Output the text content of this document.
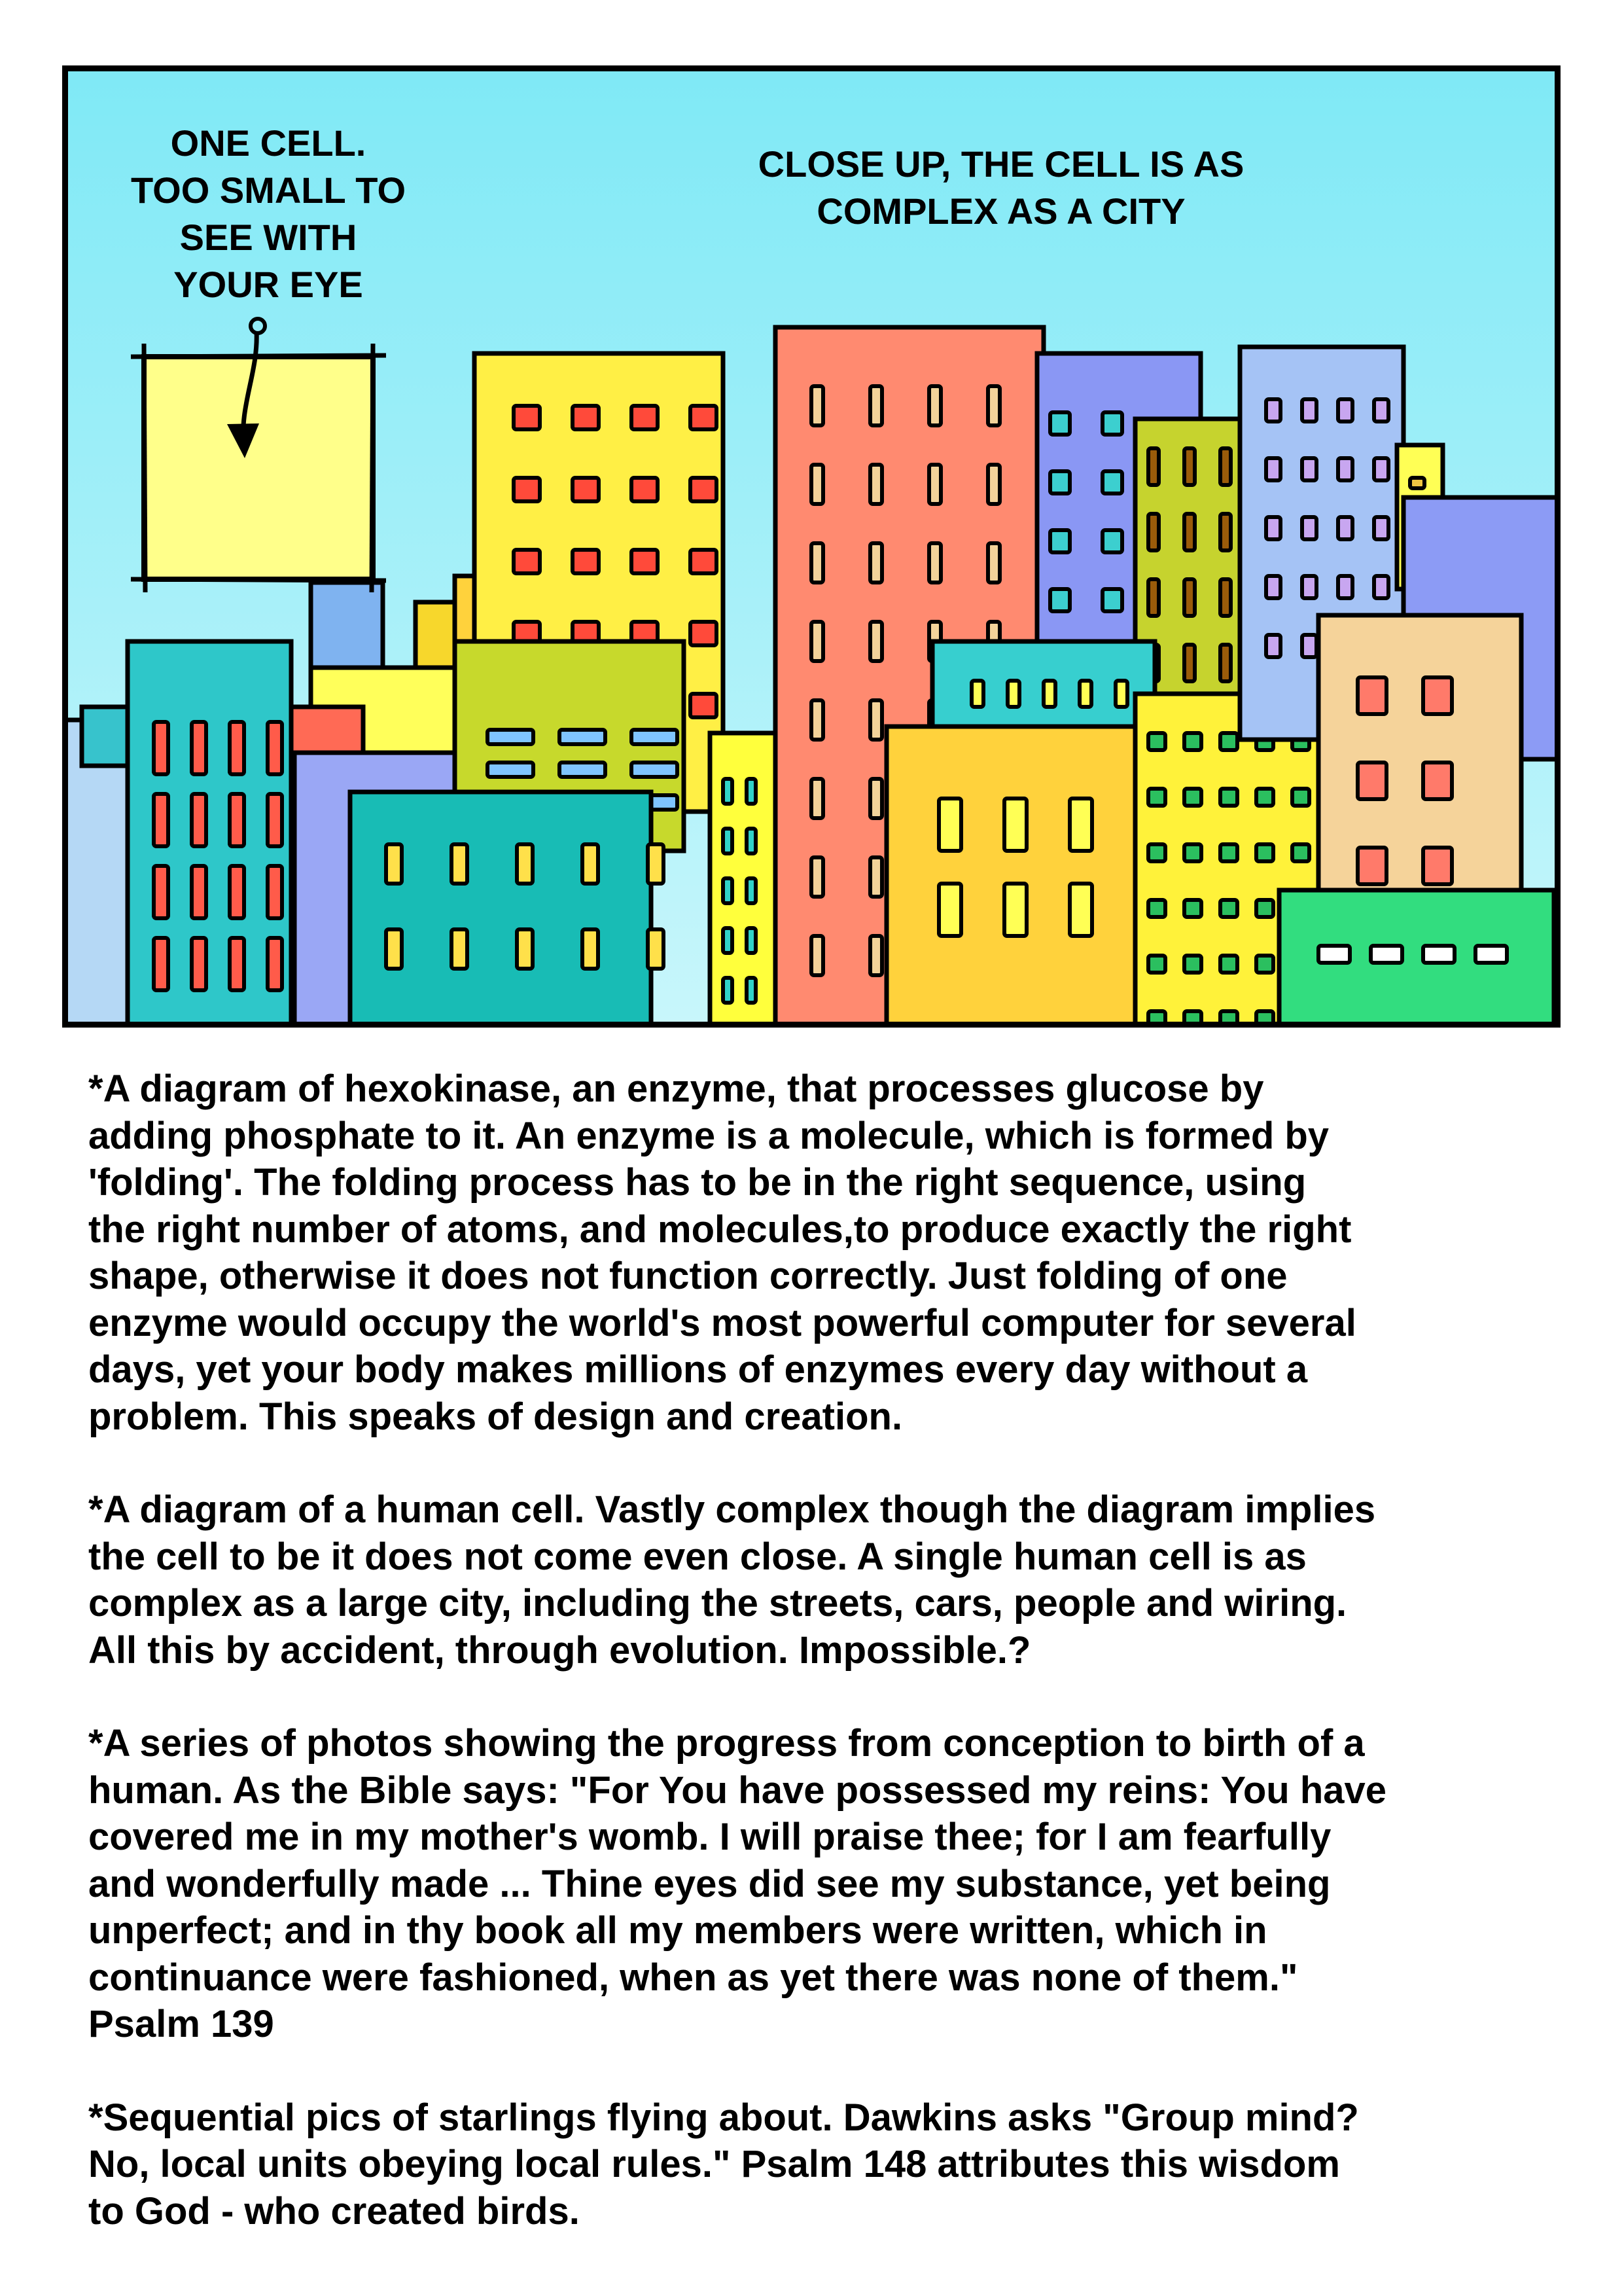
ONE CELL.
TOO SMALL TO
SEE WITH
YOUR EYE

CLOSE UP, THE CELL IS AS
COMPLEX AS A CITY

*A diagram of hexokinase, an enzyme, that processes glucose by
adding phosphate to it. An enzyme is a molecule, which is formed by
'folding'. The folding process has to be in the right sequence, using
the right number of atoms, and molecules,to produce exactly the right
shape, otherwise it does not function correctly. Just folding of one
enzyme would occupy the world's most powerful computer for several
days, yet your body makes millions of enzymes every day without a
problem. This speaks of design and creation.

*A diagram of a human cell. Vastly complex though the diagram implies
the cell to be it does not come even close. A single human cell is as
complex as a large city, including the streets, cars, people and wiring.
All this by accident, through evolution. Impossible.?

*A series of photos showing the progress from conception to birth of a
human. As the Bible says: "For You have possessed my reins: You have
covered me in my mother's womb. I will praise thee; for I am fearfully
and wonderfully made ... Thine eyes did see my substance, yet being
unperfect; and in thy book all my members were written, which in
continuance were fashioned, when as yet there was none of them."
Psalm 139

*Sequential pics of starlings flying about. Dawkins asks "Group mind?
No, local units obeying local rules." Psalm 148 attributes this wisdom
to God - who created birds.
